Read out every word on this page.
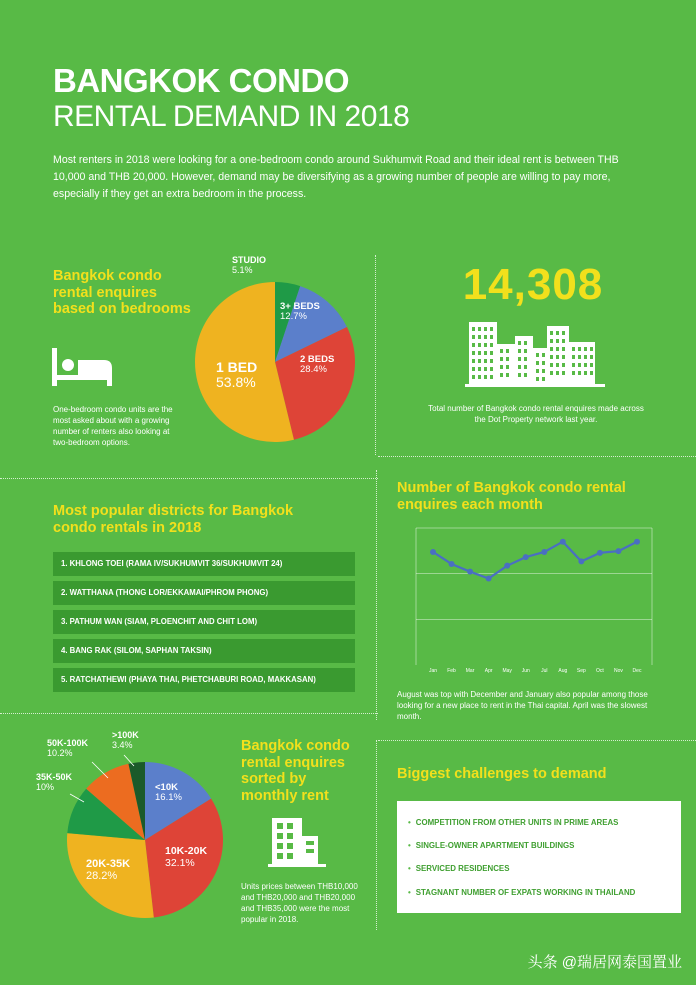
BANGKOK CONDO
RENTAL DEMAND IN 2018
Most renters in 2018 were looking for a one-bedroom condo around Sukhumvit Road and their ideal rent is between THB 10,000 and THB 20,000. However, demand may be diversifying as a growing number of people are willing to pay more, especially if they get an extra bedroom in the process.
Bangkok condo rental enquires based on bedrooms
One-bedroom condo units are the most asked about with a growing number of renters also looking at two-bedroom options.
STUDIO
5.1%
3+ BEDS
12.7%
2 BEDS
28.4%
1 BED
53.8%
14,308
Total number of Bangkok condo rental enquires made across the Dot Property network last year.
Most popular districts for Bangkok condo rentals in 2018
1. KHLONG TOEI (RAMA IV/SUKHUMVIT 36/SUKHUMVIT 24)
2. WATTHANA (THONG LOR/EKKAMAI/PHROM PHONG)
3. PATHUM WAN (SIAM, PLOENCHIT AND CHIT LOM)
4. BANG RAK (SILOM, SAPHAN TAKSIN)
5. RATCHATHEWI (PHAYA THAI, PHETCHABURI ROAD, MAKKASAN)
Number of Bangkok condo rental enquires each month
Jan Feb Mar Apr May Jun Jul Aug Sep Oct Nov Dec
August was top with December and January also popular among those looking for a new place to rent in the Thai capital. April was the slowest month.
<10K
16.1%
10K-20K
32.1%
20K-35K
28.2%
35K-50K
10%
50K-100K
10.2%
>100K
3.4%	Bangkok condo rental enquires sorted by monthly rent
Units prices between THB10,000 and THB20,000 and THB20,000 and THB35,000 were the most popular in 2018.
Biggest challenges to demand
• COMPETITION FROM OTHER UNITS IN PRIME AREAS
• SINGLE-OWNER APARTMENT BUILDINGS
• SERVICED RESIDENCES
• STAGNANT NUMBER OF EXPATS WORKING IN THAILAND
头条 @瑞居网泰国置业
